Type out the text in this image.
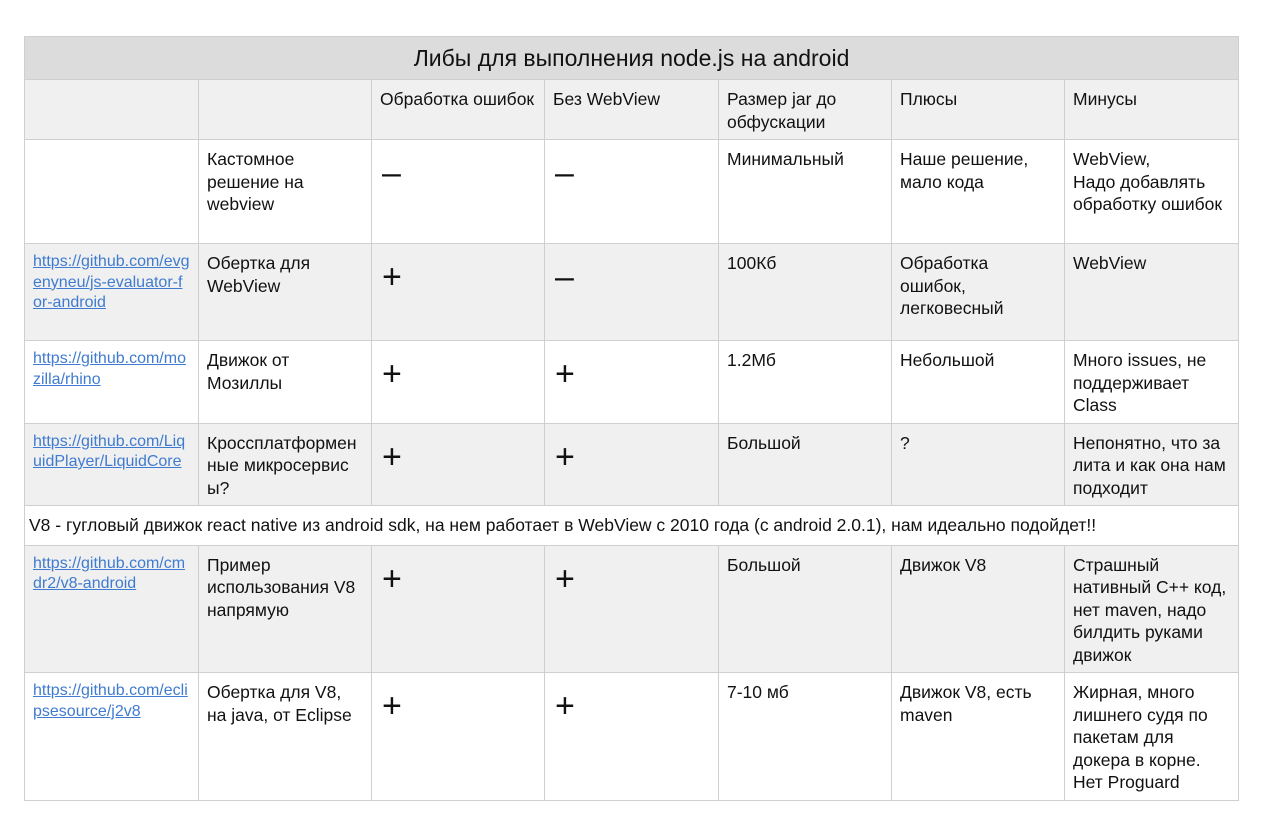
Либы для выполнения node.js на android						
		Обработка ошибок	Без WebView	Размер jar до обфускации	Плюсы	Минусы

	Кастомное решение на webview	–	–	Минимальный	Наше решение, мало кода	WebView,
Надо добавлять обработку ошибок

https://github.com/evgenyneu/js-evaluator-for-android	Обертка для WebView	+	–	100Кб	Обработка ошибок, легковесный	WebView

https://github.com/mozilla/rhino	Движок от Мозиллы	+	+	1.2Мб	Небольшой	Много issues, не поддерживает Class

https://github.com/LiquidPlayer/LiquidCore	Кроссплатформенные микросервисы?	+	+	Большой	?	Непонятно, что за лита и как она нам подходит
V8 - гугловый движок react native из android sdk, на нем работает в WebView с 2010 года (с android 2.0.1), нам идеально подойдет!!						

https://github.com/cmdr2/v8-android	Пример использования V8 напрямую	+	+	Большой	Движок V8	Страшный нативный C++ код, нет maven, надо билдить руками движок

https://github.com/eclipsesource/j2v8	Обертка для V8, на java, от Eclipse	+	+	7-10 мб	Движок V8, есть maven	Жирная, много лишнего судя по пакетам для докера в корне. Нет Proguard
